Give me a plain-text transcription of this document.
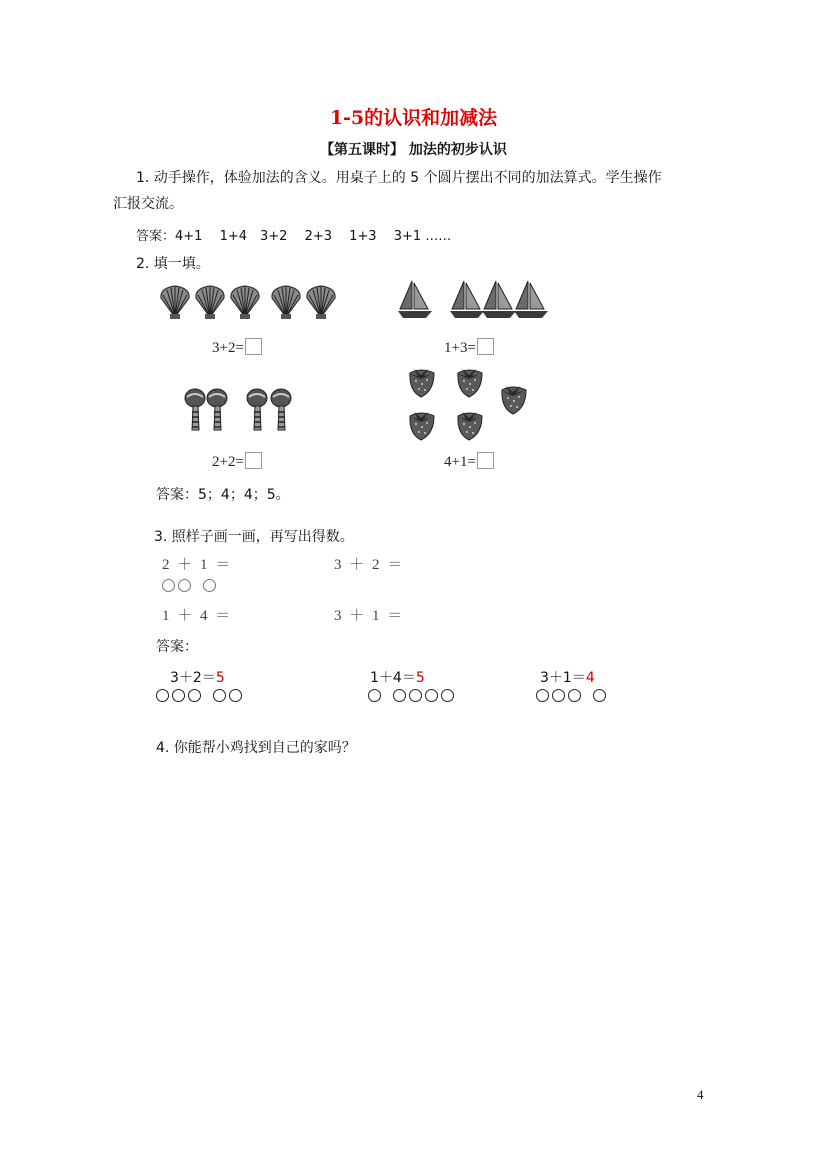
1-5的认识和加减法
【第五课时】 加法的初步认识
1. 动手操作，体验加法的含义。用桌子上的 5 个圆片摆出不同的加法算式。学生操作
汇报交流。
答案：4+1　 1+4　3+2　 2+3　 1+3　 3+1 ……
2. 填一填。
3+2=	1+3=
2+2=	4+1=
答案：5；4；4；5。
3. 照样子画一画，再写出得数。
2 ＋ 1 ＝	3 ＋ 2 ＝
1 ＋ 4 ＝	3 ＋ 1 ＝
答案：
3＋2＝5	1＋4＝5	3＋1＝4
4. 你能帮小鸡找到自己的家吗？
4
